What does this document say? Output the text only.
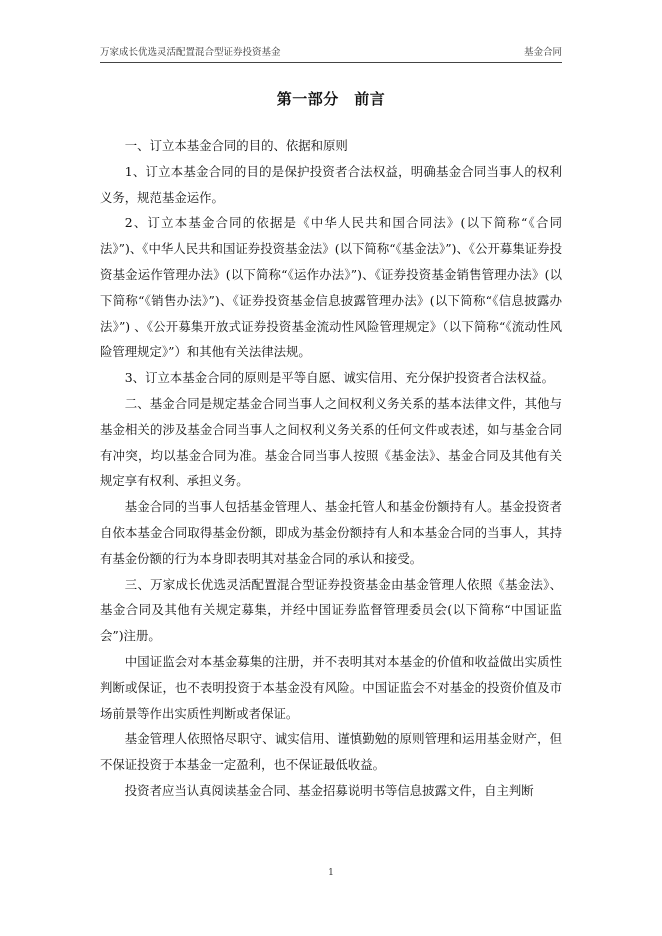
万家成长优选灵活配置混合型证券投资基金	基金合同
第一部分　前言

一、订立本基金合同的目的、依据和原则

1、订立本基金合同的目的是保护投资者合法权益，明确基金合同当事人的权利义务，规范基金运作。

2、订立本基金合同的依据是《中华人民共和国合同法》(以下简称“《合同法》”)、《中华人民共和国证券投资基金法》(以下简称“《基金法》”)、《公开募集证券投资基金运作管理办法》(以下简称“《运作办法》”)、《证券投资基金销售管理办法》(以下简称“《销售办法》”)、《证券投资基金信息披露管理办法》(以下简称“《信息披露办法》”) 、《公开募集开放式证券投资基金流动性风险管理规定》（以下简称“《流动性风险管理规定》”）和其他有关法律法规。

3、订立本基金合同的原则是平等自愿、诚实信用、充分保护投资者合法权益。

二、基金合同是规定基金合同当事人之间权利义务关系的基本法律文件，其他与基金相关的涉及基金合同当事人之间权利义务关系的任何文件或表述，如与基金合同有冲突，均以基金合同为准。基金合同当事人按照《基金法》、基金合同及其他有关规定享有权利、承担义务。

基金合同的当事人包括基金管理人、基金托管人和基金份额持有人。基金投资者自依本基金合同取得基金份额，即成为基金份额持有人和本基金合同的当事人，其持有基金份额的行为本身即表明其对基金合同的承认和接受。

三、万家成长优选灵活配置混合型证券投资基金由基金管理人依照《基金法》、基金合同及其他有关规定募集，并经中国证券监督管理委员会(以下简称“中国证监会”)注册。

中国证监会对本基金募集的注册，并不表明其对本基金的价值和收益做出实质性判断或保证，也不表明投资于本基金没有风险。中国证监会不对基金的投资价值及市场前景等作出实质性判断或者保证。

基金管理人依照恪尽职守、诚实信用、谨慎勤勉的原则管理和运用基金财产，但不保证投资于本基金一定盈利，也不保证最低收益。

投资者应当认真阅读基金合同、基金招募说明书等信息披露文件，自主判断

1
